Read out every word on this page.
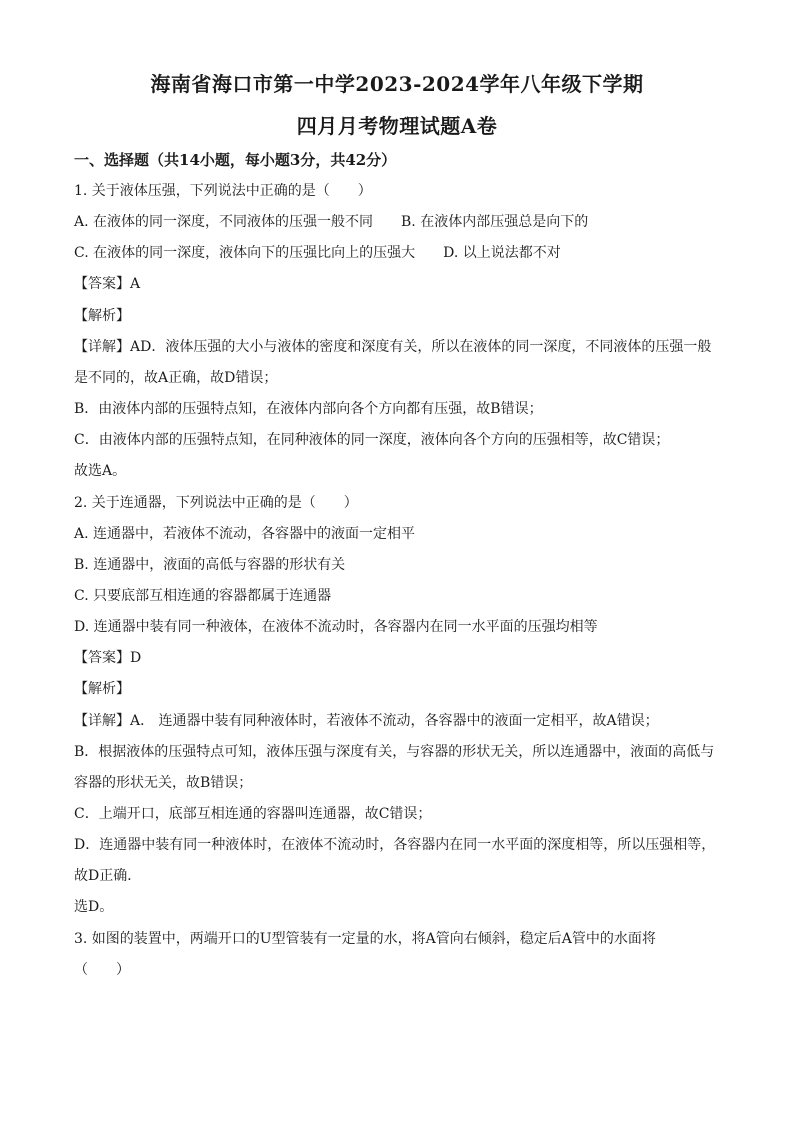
海南省海口市第一中学2023-2024学年八年级下学期
四月月考物理试题A卷
一、选择题（共14小题，每小题3分，共42分）
1. 关于液体压强，下列说法中正确的是（　　）
A. 在液体的同一深度，不同液体的压强一般不同 B. 在液体内部压强总是向下的
C. 在液体的同一深度，液体向下的压强比向上的压强大 D. 以上说法都不对
【答案】A
【解析】
【详解】AD．液体压强的大小与液体的密度和深度有关，所以在液体的同一深度，不同液体的压强一般
是不同的，故A正确，故D错误；
B．由液体内部的压强特点知，在液体内部向各个方向都有压强，故B错误；
C．由液体内部的压强特点知，在同种液体的同一深度，液体向各个方向的压强相等，故C错误；
故选A。
2. 关于连通器，下列说法中正确的是（　　）
A. 连通器中，若液体不流动，各容器中的液面一定相平
B. 连通器中，液面的高低与容器的形状有关
C. 只要底部互相连通的容器都属于连通器
D. 连通器中装有同一种液体，在液体不流动时，各容器内在同一水平面的压强均相等
【答案】D
【解析】
【详解】A． 连通器中装有同种液体时，若液体不流动，各容器中的液面一定相平，故A错误；
B．根据液体的压强特点可知，液体压强与深度有关，与容器的形状无关，所以连通器中，液面的高低与
容器的形状无关，故B错误；
C．上端开口，底部互相连通的容器叫连通器，故C错误；
D．连通器中装有同一种液体时，在液体不流动时，各容器内在同一水平面的深度相等，所以压强相等，
故D正确．
选D。
3. 如图的装置中，两端开口的U型管装有一定量的水，将A管向右倾斜，稳定后A管中的水面将
（　　）
